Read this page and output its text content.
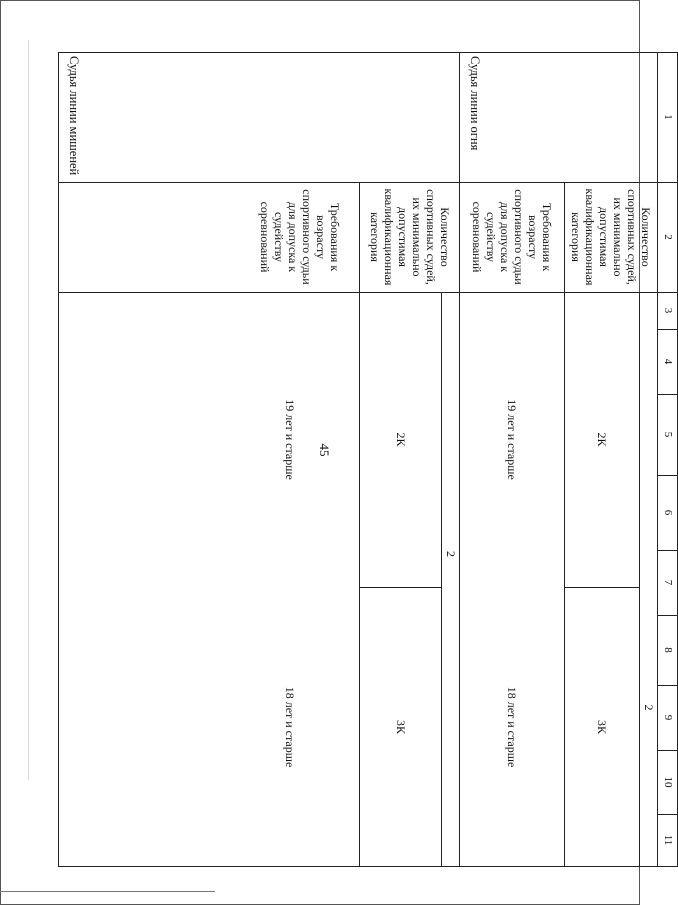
45
1
2
3
4
5
6
7
8
9
10
11
Судья линии огня
Количество спортивных судей, их минимально допустимая квалификационная категория
2
2К
3К
Требования к возрасту спортивного судьи для допуска к судейству соревнований
19 лет и старше
18 лет и старше
Судья линии мишеней
Количество спортивных судей, их минимально допустимая квалификационная категория
2
2К
3К
Требования к возрасту спортивного судьи для допуска к судейству соревнований
19 лет и старше
18 лет и старше
